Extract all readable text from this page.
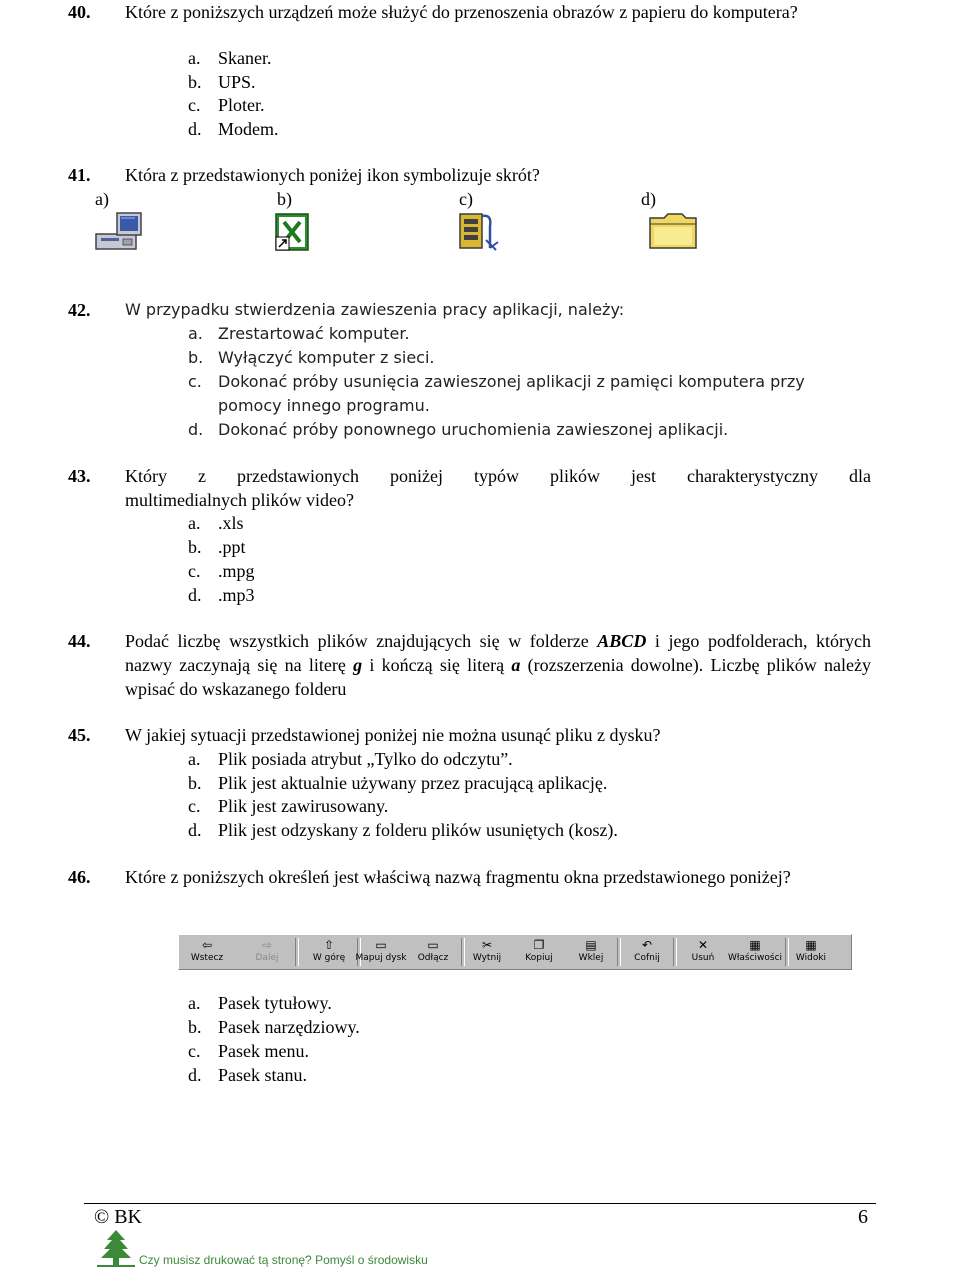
40. Które z poniższych urządzeń może służyć do przenoszenia obrazów z papieru do komputera?
a. Skaner.
b. UPS.
c. Ploter.
d. Modem.
41. Która z przedstawionych poniżej ikon symbolizuje skrót?
a)	b)	c)	d)
42. W przypadku stwierdzenia zawieszenia pracy aplikacji, należy:
a. Zrestartować komputer.
b. Wyłączyć komputer z sieci.
c. Dokonać próby usunięcia zawieszonej aplikacji z pamięci komputera przy
pomocy innego programu.
d. Dokonać próby ponownego uruchomienia zawieszonej aplikacji.
43. Który z przedstawionych poniżej typów plików jest charakterystyczny dla
multimedialnych plików video?
a. .xls
b. .ppt
c. .mpg
d. .mp3
44. Podać liczbę wszystkich plików znajdujących się w folderze ABCD i jego podfolderach, których nazwy zaczynają się na literę g i kończą się literą a (rozszerzenia dowolne). Liczbę plików należy wpisać do wskazanego folderu
45. W jakiej sytuacji przedstawionej poniżej nie można usunąć pliku z dysku?
a. Plik posiada atrybut „Tylko do odczytu”.
b. Plik jest aktualnie używany przez pracującą aplikację.
c. Plik jest zawirusowany.
d. Plik jest odzyskany z folderu plików usuniętych (kosz).
46. Które z poniższych określeń jest właściwą nazwą fragmentu okna przedstawionego poniżej?
⇦
Wstecz
⇨
Dalej
⇧
W górę
▭
Mapuj dysk
▭
Odłącz
✂
Wytnij
❐
Kopiuj
▤
Wklej
↶
Cofnij
✕
Usuń
▦
Właściwości
▦
Widoki
a. Pasek tytułowy.
b. Pasek narzędziowy.
c. Pasek menu.
d. Pasek stanu.
© BK	6
Czy musisz drukować tą stronę? Pomyśl o środowisku
